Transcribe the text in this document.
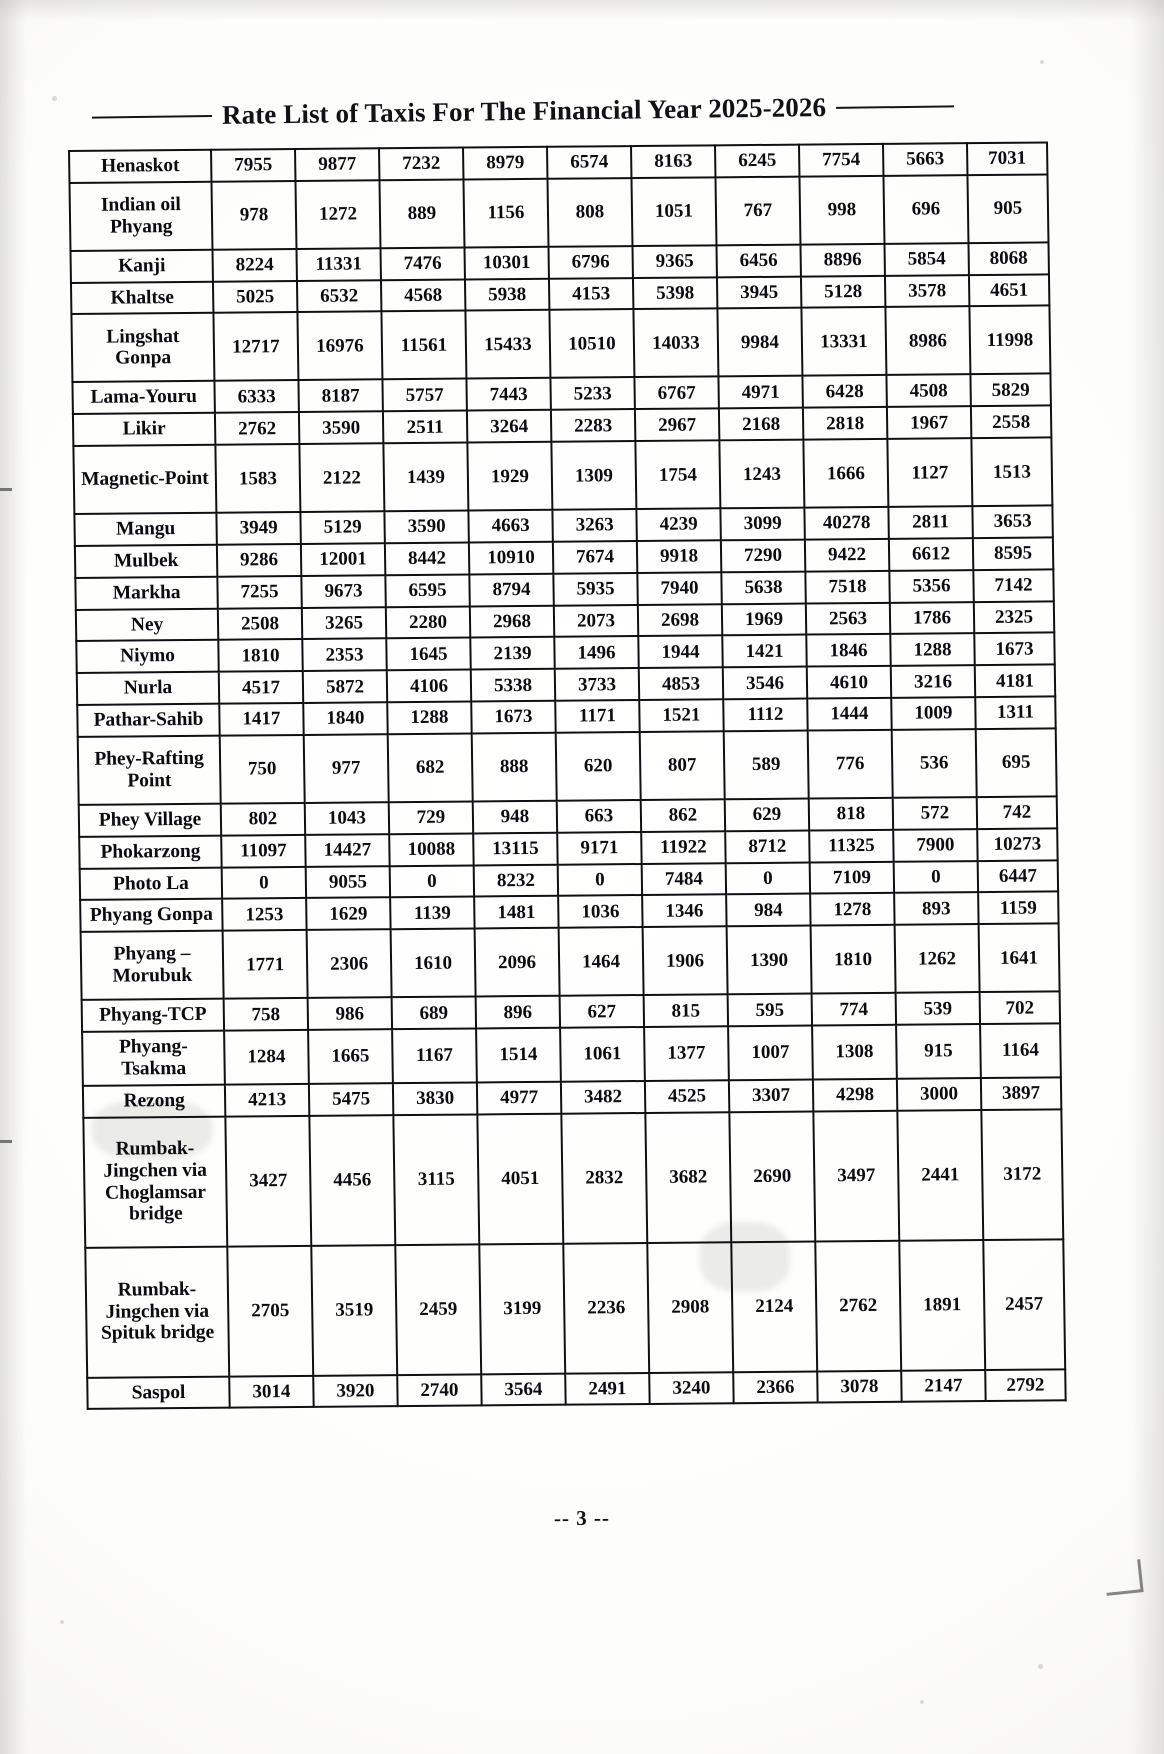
Rate List of Taxis For The Financial Year 2025-2026
Henaskot	7955	9877	7232	8979	6574	8163	6245	7754	5663	7031
Indian oil Phyang	978	1272	889	1156	808	1051	767	998	696	905
Kanji	8224	11331	7476	10301	6796	9365	6456	8896	5854	8068
Khaltse	5025	6532	4568	5938	4153	5398	3945	5128	3578	4651
Lingshat Gonpa	12717	16976	11561	15433	10510	14033	9984	13331	8986	11998
Lama-Youru	6333	8187	5757	7443	5233	6767	4971	6428	4508	5829
Likir	2762	3590	2511	3264	2283	2967	2168	2818	1967	2558
Magnetic-Point	1583	2122	1439	1929	1309	1754	1243	1666	1127	1513
Mangu	3949	5129	3590	4663	3263	4239	3099	40278	2811	3653
Mulbek	9286	12001	8442	10910	7674	9918	7290	9422	6612	8595
Markha	7255	9673	6595	8794	5935	7940	5638	7518	5356	7142
Ney	2508	3265	2280	2968	2073	2698	1969	2563	1786	2325
Niymo	1810	2353	1645	2139	1496	1944	1421	1846	1288	1673
Nurla	4517	5872	4106	5338	3733	4853	3546	4610	3216	4181
Pathar-Sahib	1417	1840	1288	1673	1171	1521	1112	1444	1009	1311
Phey-Rafting Point	750	977	682	888	620	807	589	776	536	695
Phey Village	802	1043	729	948	663	862	629	818	572	742
Phokarzong	11097	14427	10088	13115	9171	11922	8712	11325	7900	10273
Photo La	0	9055	0	8232	0	7484	0	7109	0	6447
Phyang Gonpa	1253	1629	1139	1481	1036	1346	984	1278	893	1159
Phyang – Morubuk	1771	2306	1610	2096	1464	1906	1390	1810	1262	1641
Phyang-TCP	758	986	689	896	627	815	595	774	539	702
Phyang-Tsakma	1284	1665	1167	1514	1061	1377	1007	1308	915	1164
Rezong	4213	5475	3830	4977	3482	4525	3307	4298	3000	3897
Rumbak-Jingchen via Choglamsar bridge	3427	4456	3115	4051	2832	3682	2690	3497	2441	3172
Rumbak-Jingchen via Spituk bridge	2705	3519	2459	3199	2236	2908	2124	2762	1891	2457
Saspol	3014	3920	2740	3564	2491	3240	2366	3078	2147	2792
-- 3 --
